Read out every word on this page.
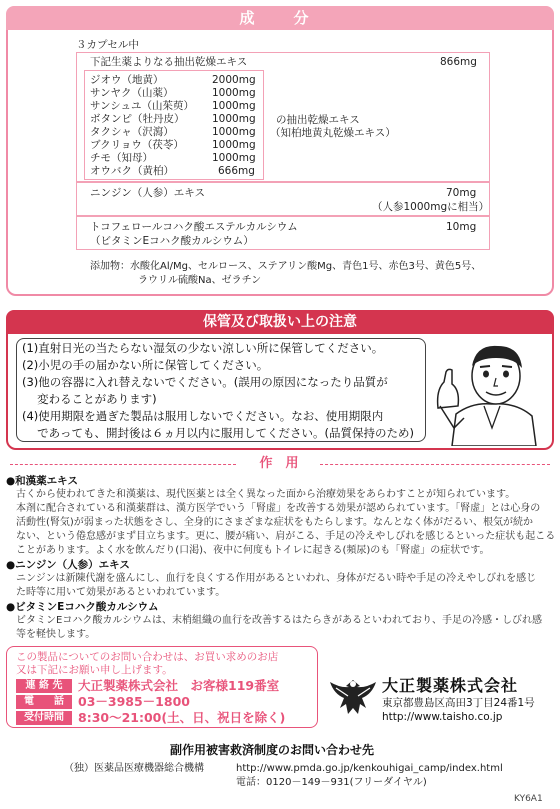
成　分
３カプセル中
下記生薬よりなる抽出乾燥エキス	866mg
ジオウ（地黄）	2000mg
サンヤク（山薬）	1000mg
サンシュユ（山茱萸） 1000mg
ボタンピ（牡丹皮）	1000mg
タクシャ（沢瀉）	1000mg
ブクリョウ（茯苓）	1000mg
チモ（知母）	1000mg
オウバク（黄柏）	666mg
の抽出乾燥エキス
（知柏地黄丸乾燥エキス）
ニンジン（人参）エキス	70mg
（人参1000mgに相当）
トコフェロールコハク酸エステルカルシウム
（ビタミンEコハク酸カルシウム）
10mg
添加物：水酸化Al/Mg、セルロース、ステアリン酸Mg、青色1号、赤色3号、黄色5号、
ラウリル硫酸Na、ゼラチン
保管及び取扱い上の注意
(1)直射日光の当たらない湿気の少ない涼しい所に保管してください。
(2)小児の手の届かない所に保管してください。
(3)他の容器に入れ替えないでください。(誤用の原因になったり品質が
　 変わることがあります)
(4)使用期限を過ぎた製品は服用しないでください。なお、使用期限内
　 であっても、開封後は６ヵ月以内に服用してください。(品質保持のため)
作　用
●和漢薬エキス
古くから使われてきた和漢薬は、現代医薬とは全く異なった面から治療効果をあらわすことが知られています。
本剤に配合されている和漢薬群は、漢方医学でいう「腎虚」を改善する効果が認められています。「腎虚」とは心身の
活動性(腎気)が弱まった状態をさし、全身的にさまざまな症状をもたらします。なんとなく体がだるい、根気が続か
ない、という倦怠感がまず目立ちます。更に、腰が痛い、肩がこる、手足の冷えやしびれを感じるといった症状も起こる
ことがあります。よく水を飲んだり(口渇)、夜中に何度もトイレに起きる(頻尿)のも「腎虚」の症状です。
●ニンジン（人参）エキス
ニンジンは新陳代謝を盛んにし、血行を良くする作用があるといわれ、身体がだるい時や手足の冷えやしびれを感じ
た時等に用いて効果があるといわれています。
●ビタミンEコハク酸カルシウム
ビタミンEコハク酸カルシウムは、末梢組織の血行を改善するはたらきがあるといわれており、手足の冷感・しびれ感
等を軽快します。
この製品についてのお問い合わせは、お買い求めのお店
又は下記にお願い申し上げます。
連 絡 先	大正製薬株式会社　お客様119番室
電　　話	03－3985－1800
受付時間	8:30～21:00(土、日、祝日を除く)
大正製薬株式会社
東京都豊島区高田3丁目24番1号
http://www.taisho.co.jp
副作用被害救済制度のお問い合わせ先
（独）医薬品医療機器総合機構	http://www.pmda.go.jp/kenkouhigai_camp/index.html
電話：0120－149－931(フリーダイヤル)
KY6A1
